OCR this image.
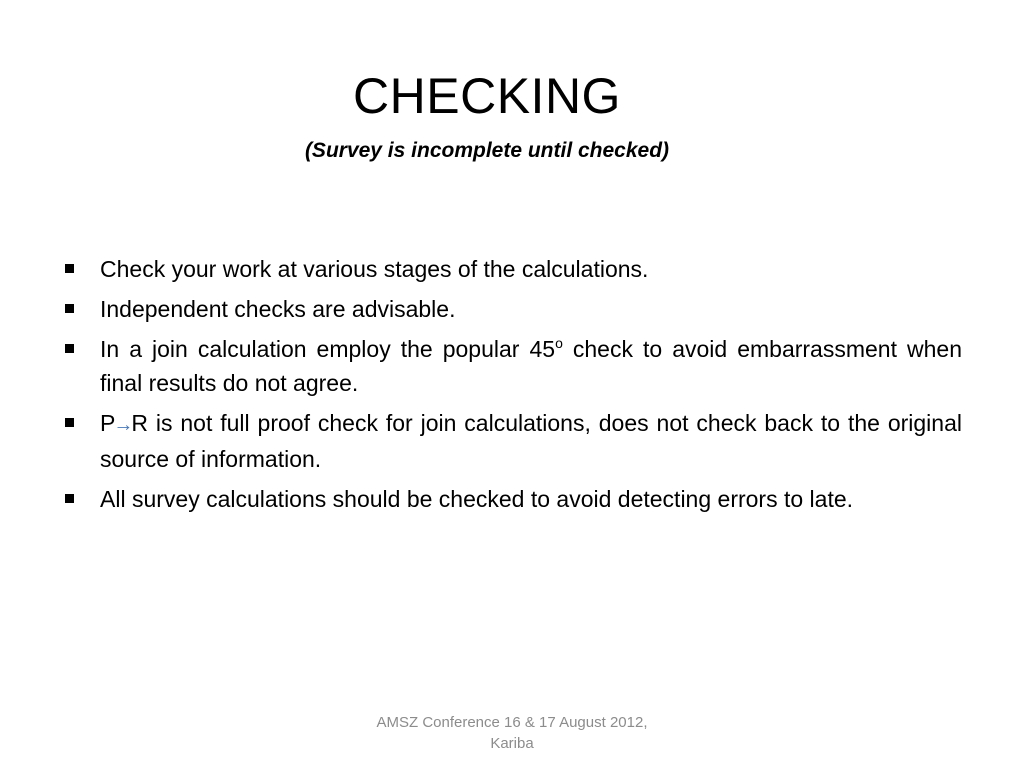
CHECKING
(Survey is incomplete until checked)
Check your work at various stages of the calculations.
Independent checks are advisable.
In a join calculation employ the popular 45$^o$ check to avoid embarrassment when final results do not agree.
P→R is not full proof check for join calculations, does not check back to the original source of information.
All survey calculations should be checked to avoid detecting errors to late.
AMSZ Conference 16 & 17 August 2012,
Kariba
